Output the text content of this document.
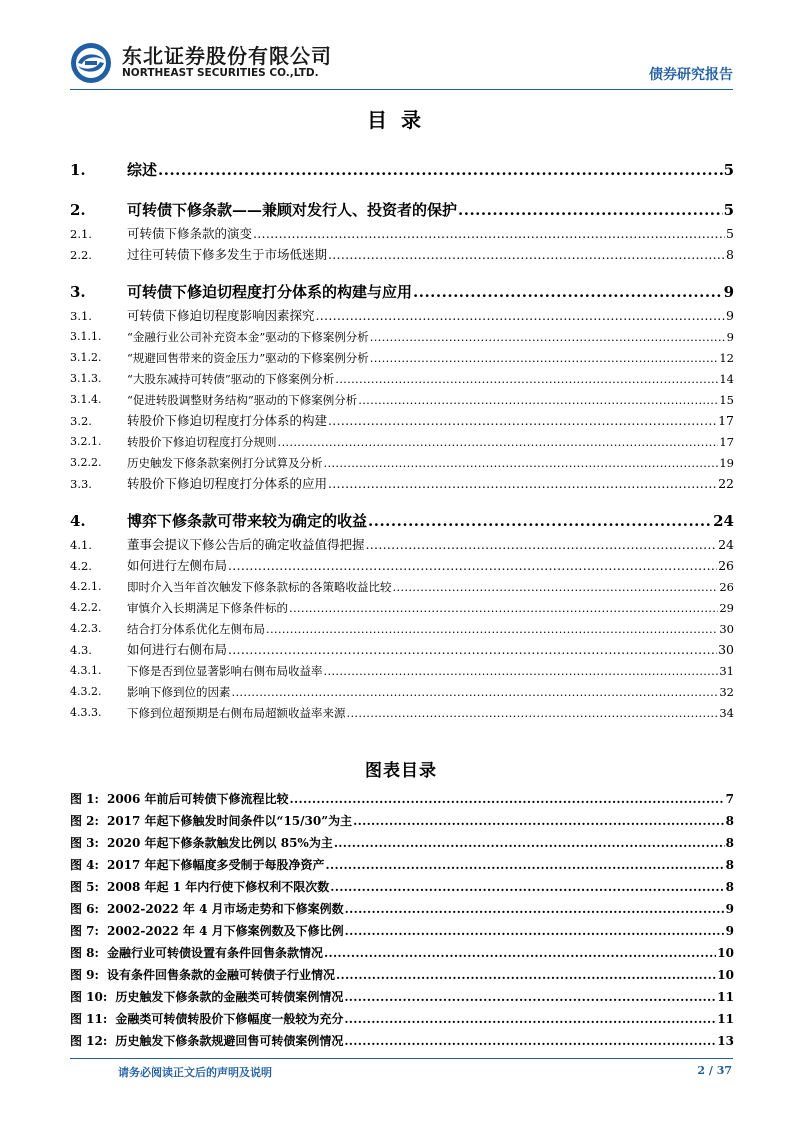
东北证券股份有限公司
NORTHEAST SECURITIES CO.,LTD.	债券研究报告
目录
1.	综述 .....	5
2.	可转债下修条款——兼顾对发行人、投资者的保护 .....	5
2.1.	可转债下修条款的演变 .....	5
2.2.	过往可转债下修多发生于市场低迷期 .....	8
3.	可转债下修迫切程度打分体系的构建与应用 .....	9
3.1.	可转债下修迫切程度影响因素探究 .....	9
3.1.1.	“金融行业公司补充资本金”驱动的下修案例分析 .....	9
3.1.2.	“规避回售带来的资金压力”驱动的下修案例分析 .....	12
3.1.3.	“大股东减持可转债”驱动的下修案例分析 .....	14
3.1.4.	“促进转股调整财务结构”驱动的下修案例分析 .....	15
3.2.	转股价下修迫切程度打分体系的构建 .....	17
3.2.1.	转股价下修迫切程度打分规则 .....	17
3.2.2.	历史触发下修条款案例打分试算及分析 .....	19
3.3.	转股价下修迫切程度打分体系的应用 .....	22
4.	博弈下修条款可带来较为确定的收益 .....	24
4.1.	董事会提议下修公告后的确定收益值得把握 .....	24
4.2.	如何进行左侧布局 .....	26
4.2.1.	即时介入当年首次触发下修条款标的各策略收益比较 .....	26
4.2.2.	审慎介入长期满足下修条件标的 .....	29
4.2.3.	结合打分体系优化左侧布局 .....	30
4.3.	如何进行右侧布局 .....	30
4.3.1.	下修是否到位显著影响右侧布局收益率 .....	31
4.3.2.	影响下修到位的因素 .....	32
4.3.3.	下修到位超预期是右侧布局超额收益率来源 .....	34
图表目录
图 1: 2006 年前后可转债下修流程比较 .....	7
图 2: 2017 年起下修触发时间条件以“15/30”为主 .....	8
图 3: 2020 年起下修条款触发比例以 85%为主 .....	8
图 4: 2017 年起下修幅度多受制于每股净资产 .....	8
图 5: 2008 年起 1 年内行使下修权利不限次数 .....	8
图 6: 2002-2022 年 4 月市场走势和下修案例数 .....	9
图 7: 2002-2022 年 4 月下修案例数及下修比例 .....	9
图 8: 金融行业可转债设置有条件回售条款情况 .....	10
图 9: 设有条件回售条款的金融可转债子行业情况 .....	10
图 10: 历史触发下修条款的金融类可转债案例情况 .....	11
图 11: 金融类可转债转股价下修幅度一般较为充分 .....	11
图 12: 历史触发下修条款规避回售可转债案例情况 .....	13
请务必阅读正文后的声明及说明	2 / 37
